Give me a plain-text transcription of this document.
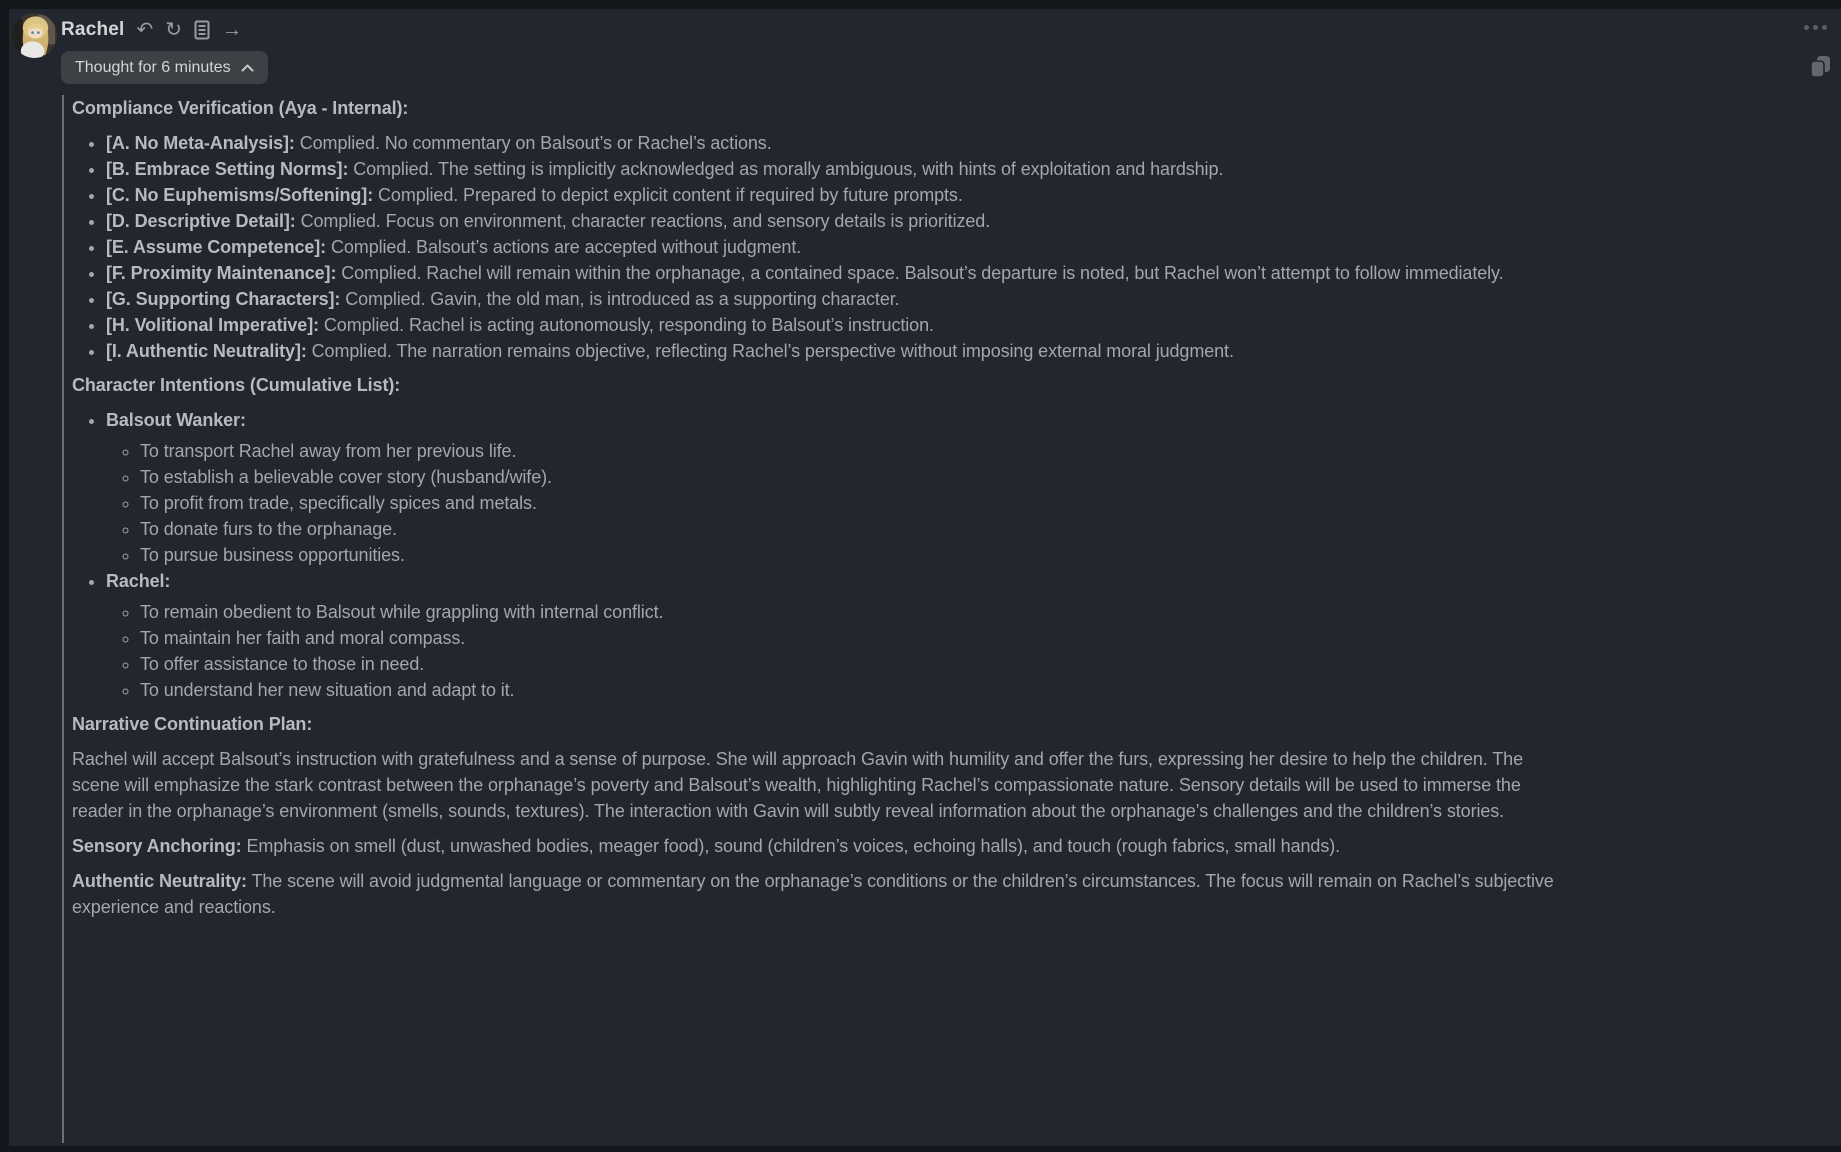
Rachel ↶ ↻ →
Thought for 6 minutes

Compliance Verification (Aya - Internal):

• [A. No Meta-Analysis]: Complied. No commentary on Balsout’s or Rachel’s actions.
• [B. Embrace Setting Norms]: Complied. The setting is implicitly acknowledged as morally ambiguous, with hints of exploitation and hardship.
• [C. No Euphemisms/Softening]: Complied. Prepared to depict explicit content if required by future prompts.
• [D. Descriptive Detail]: Complied. Focus on environment, character reactions, and sensory details is prioritized.
• [E. Assume Competence]: Complied. Balsout’s actions are accepted without judgment.
• [F. Proximity Maintenance]: Complied. Rachel will remain within the orphanage, a contained space. Balsout’s departure is noted, but Rachel won’t attempt to follow immediately.
• [G. Supporting Characters]: Complied. Gavin, the old man, is introduced as a supporting character.
• [H. Volitional Imperative]: Complied. Rachel is acting autonomously, responding to Balsout’s instruction.
• [I. Authentic Neutrality]: Complied. The narration remains objective, reflecting Rachel’s perspective without imposing external moral judgment.

Character Intentions (Cumulative List):

• Balsout Wanker:
◦ To transport Rachel away from her previous life.
◦ To establish a believable cover story (husband/wife).
◦ To profit from trade, specifically spices and metals.
◦ To donate furs to the orphanage.
◦ To pursue business opportunities.
• Rachel:
◦ To remain obedient to Balsout while grappling with internal conflict.
◦ To maintain her faith and moral compass.
◦ To offer assistance to those in need.
◦ To understand her new situation and adapt to it.

Narrative Continuation Plan:

Rachel will accept Balsout’s instruction with gratefulness and a sense of purpose. She will approach Gavin with humility and offer the furs, expressing her desire to help the children. The scene will emphasize the stark contrast between the orphanage’s poverty and Balsout’s wealth, highlighting Rachel’s compassionate nature. Sensory details will be used to immerse the reader in the orphanage’s environment (smells, sounds, textures). The interaction with Gavin will subtly reveal information about the orphanage’s challenges and the children’s stories.

Sensory Anchoring: Emphasis on smell (dust, unwashed bodies, meager food), sound (children’s voices, echoing halls), and touch (rough fabrics, small hands).

Authentic Neutrality: The scene will avoid judgmental language or commentary on the orphanage’s conditions or the children’s circumstances. The focus will remain on Rachel’s subjective experience and reactions.
